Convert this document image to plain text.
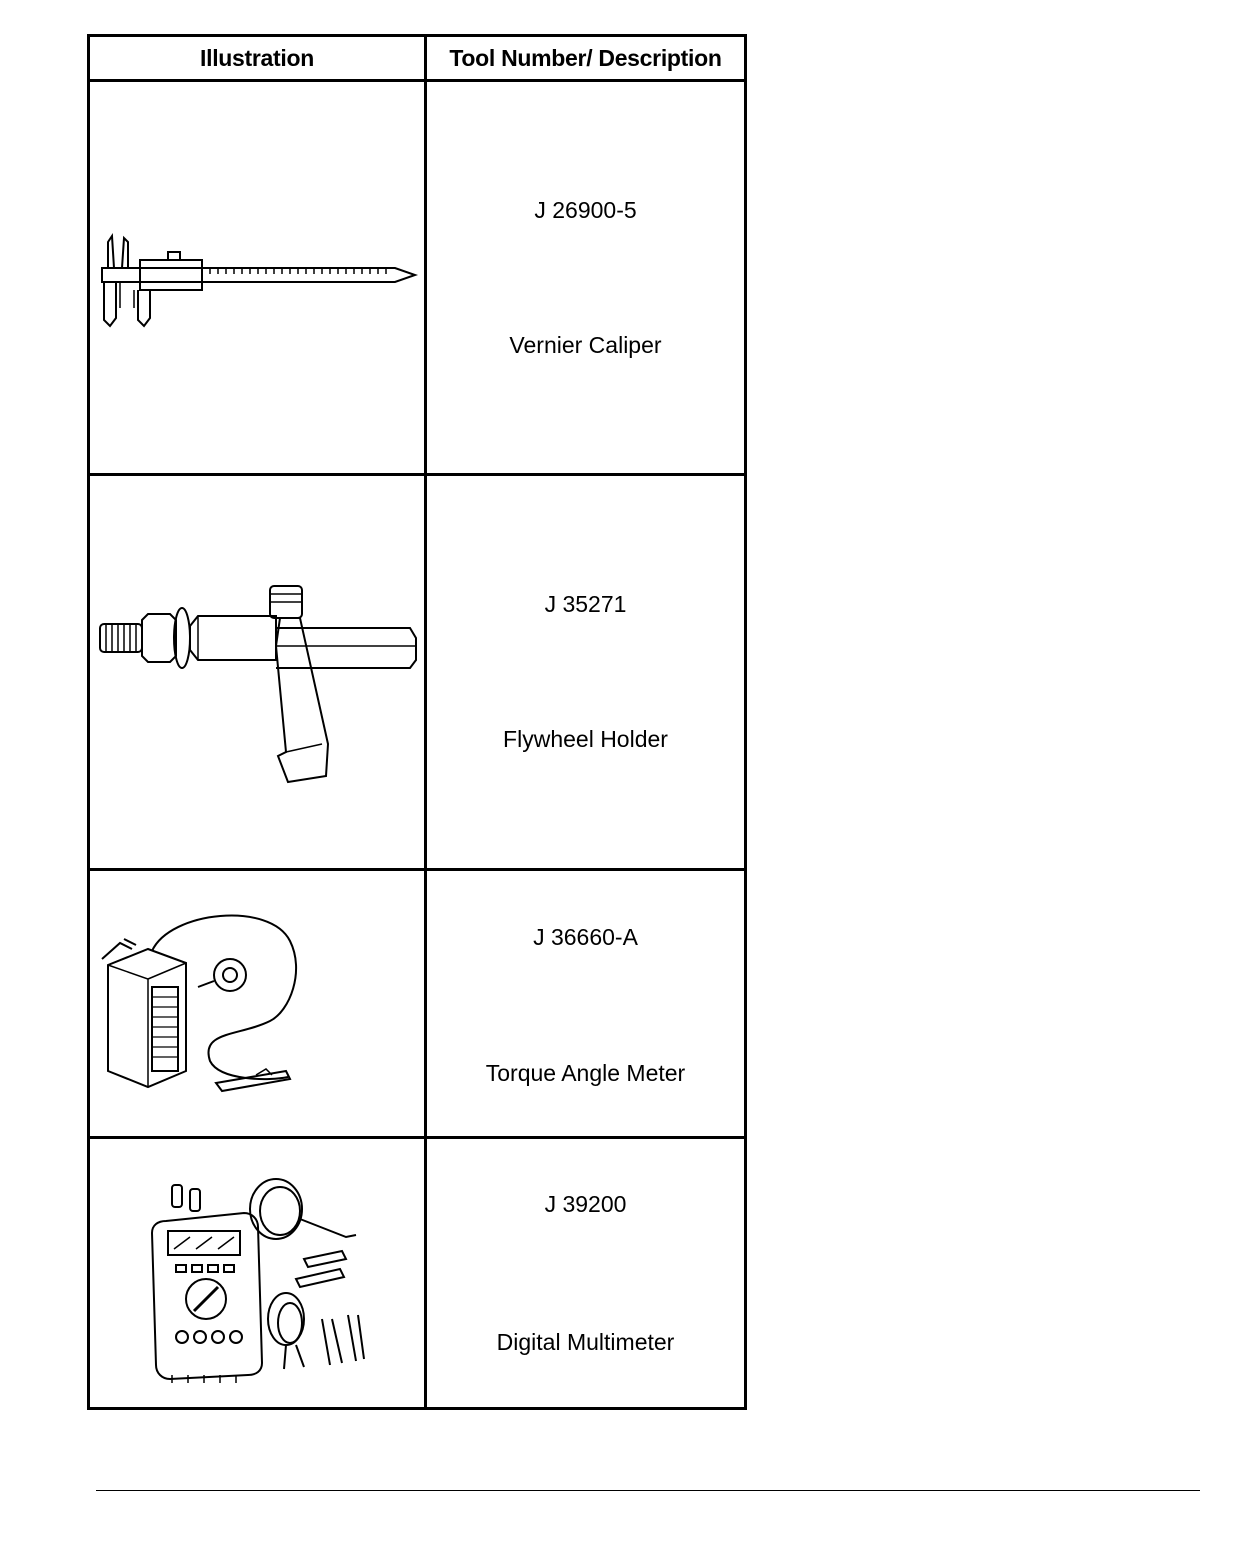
Illustration	Tool Number/ Description
J 26900-5
Vernier Caliper
J 35271
Flywheel Holder
J 36660-A
Torque Angle Meter
J 39200
Digital Multimeter
